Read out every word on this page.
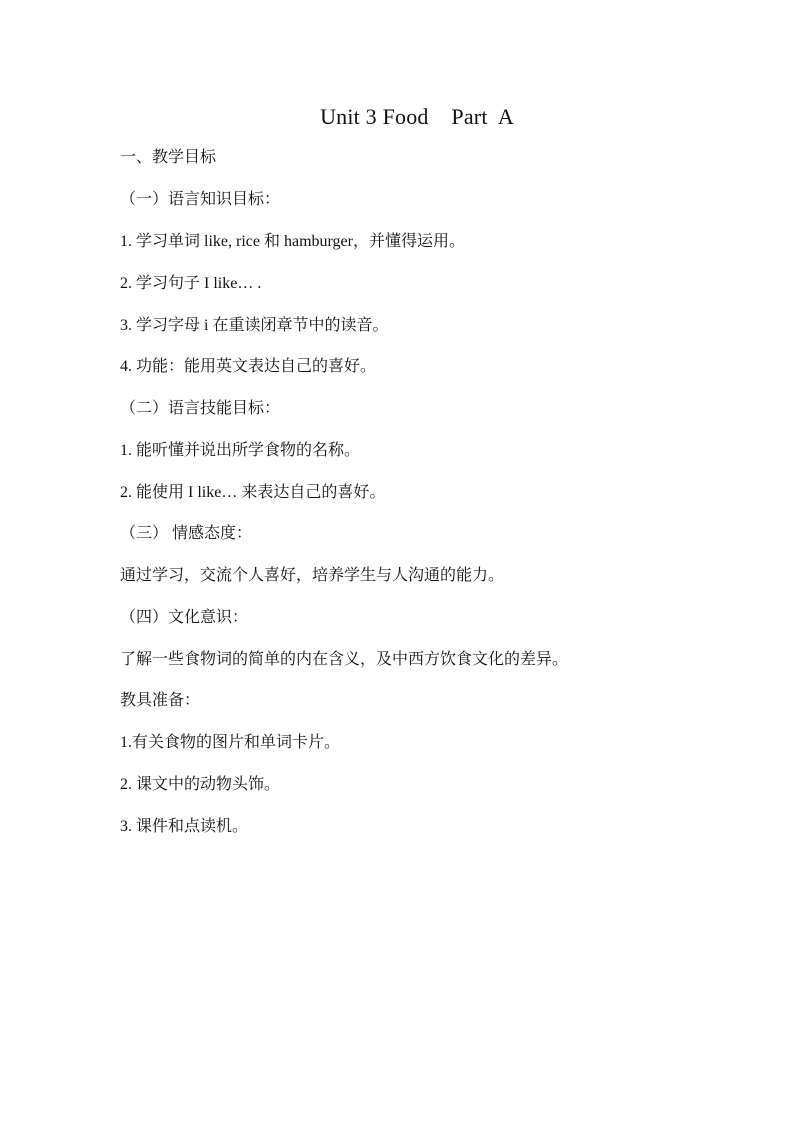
Unit 3 Food    Part  A
一、教学目标
（一）语言知识目标：
1. 学习单词 like, rice 和 hamburger，并懂得运用。
2. 学习句子 I like… .
3. 学习字母 i 在重读闭章节中的读音。
4. 功能：能用英文表达自己的喜好。
（二）语言技能目标：
1. 能听懂并说出所学食物的名称。
2. 能使用 I like… 来表达自己的喜好。
（三） 情感态度：
通过学习，交流个人喜好，培养学生与人沟通的能力。
（四）文化意识：
了解一些食物词的简单的内在含义，及中西方饮食文化的差异。
教具准备：
1.有关食物的图片和单词卡片。
2. 课文中的动物头饰。
3. 课件和点读机。
